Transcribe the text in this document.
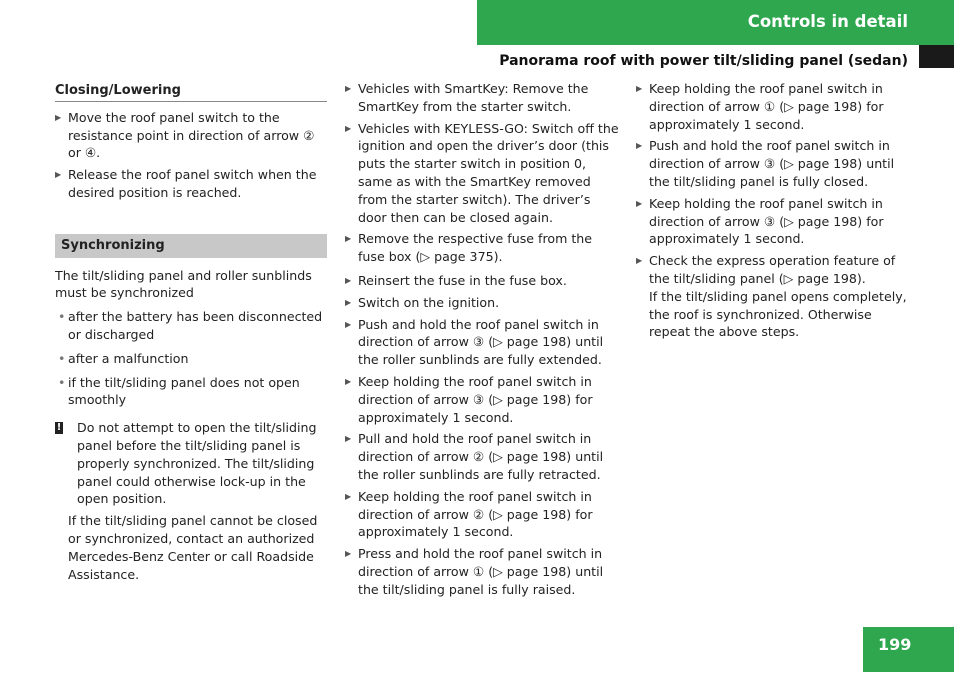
Controls in detail
Panorama roof with power tilt/sliding panel (sedan)
Closing/Lowering
▶ Move the roof panel switch to the resistance point in direction of arrow ② or ④.
▶ Release the roof panel switch when the desired position is reached.
Synchronizing
The tilt/sliding panel and roller sunblinds must be synchronized
• after the battery has been disconnected or discharged
• after a malfunction
• if the tilt/sliding panel does not open smoothly
!	Do not attempt to open the tilt/sliding panel before the tilt/sliding panel is properly synchronized. The tilt/sliding panel could otherwise lock-up in the open position.
If the tilt/sliding panel cannot be closed or synchronized, contact an authorized Mercedes-Benz Center or call Roadside Assistance.
▶ Vehicles with SmartKey: Remove the SmartKey from the starter switch.
▶ Vehicles with KEYLESS-GO: Switch off the ignition and open the driver’s door (this puts the starter switch in position 0, same as with the SmartKey removed from the starter switch). The driver’s door then can be closed again.
▶ Remove the respective fuse from the fuse box (▷ page 375).
▶ Reinsert the fuse in the fuse box.
▶ Switch on the ignition.
▶ Push and hold the roof panel switch in direction of arrow ③ (▷ page 198) until the roller sunblinds are fully extended.
▶ Keep holding the roof panel switch in direction of arrow ③ (▷ page 198) for approximately 1 second.
▶ Pull and hold the roof panel switch in direction of arrow ② (▷ page 198) until the roller sunblinds are fully retracted.
▶ Keep holding the roof panel switch in direction of arrow ② (▷ page 198) for approximately 1 second.
▶ Press and hold the roof panel switch in direction of arrow ① (▷ page 198) until the tilt/sliding panel is fully raised.
▶ Keep holding the roof panel switch in direction of arrow ① (▷ page 198) for approximately 1 second.
▶ Push and hold the roof panel switch in direction of arrow ③ (▷ page 198) until the tilt/sliding panel is fully closed.
▶ Keep holding the roof panel switch in direction of arrow ③ (▷ page 198) for approximately 1 second.
▶ Check the express operation feature of the tilt/sliding panel (▷ page 198).
If the tilt/sliding panel opens completely, the roof is synchronized. Otherwise repeat the above steps.
199
